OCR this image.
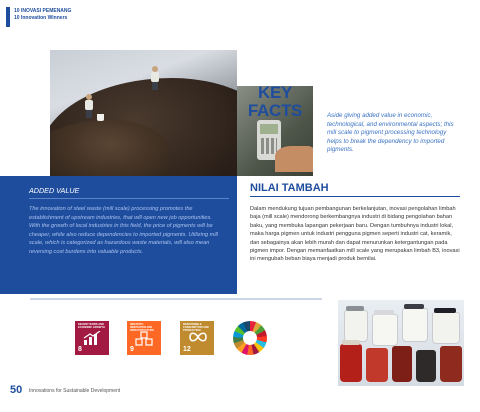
10 INOVASI PEMENANG
10 Innovation Winners
KEY FACTS	Aside giving added value in economic, technological, and environmental aspects; this mill scale to pigment processing technology helps to break the dependency to imported pigments.
ADDED VALUE
The innovation of steel waste (mill scale) processing promotes the establishment of upstream industries, that will open new job opportunities. With the growth of local industries in this field, the price of pigments will be cheaper, while also reduce dependencies to imported pigments. Utilizing mill scale, which is categorized as hazardous waste materials, will also mean reversing cost burdens into valuable products.
NILAI TAMBAH
Dalam mendukung tujuan pembangunan berkelanjutan, inovasi pengolahan limbah baja (mill scale) mendorong berkembangnya industri di bidang pengolahan bahan baku, yang membuka lapangan pekerjaan baru. Dengan tumbuhnya industri lokal, maka harga pigmen untuk industri pengguna pigmen seperti industri cat, keramik, dan sebagainya akan lebih murah dan dapat menurunkan ketergantungan pada pigmen impor. Dengan memanfaatkan mill scale yang merupakan limbah B3, inovasi ini mengubah beban biaya menjadi produk bernilai.
DECENT WORK AND ECONOMIC GROWTH
8
INDUSTRY, INNOVATION AND INFRASTRUCTURE
9
RESPONSIBLE CONSUMPTION AND PRODUCTION
12
50 Innovations for Sustainable Development
